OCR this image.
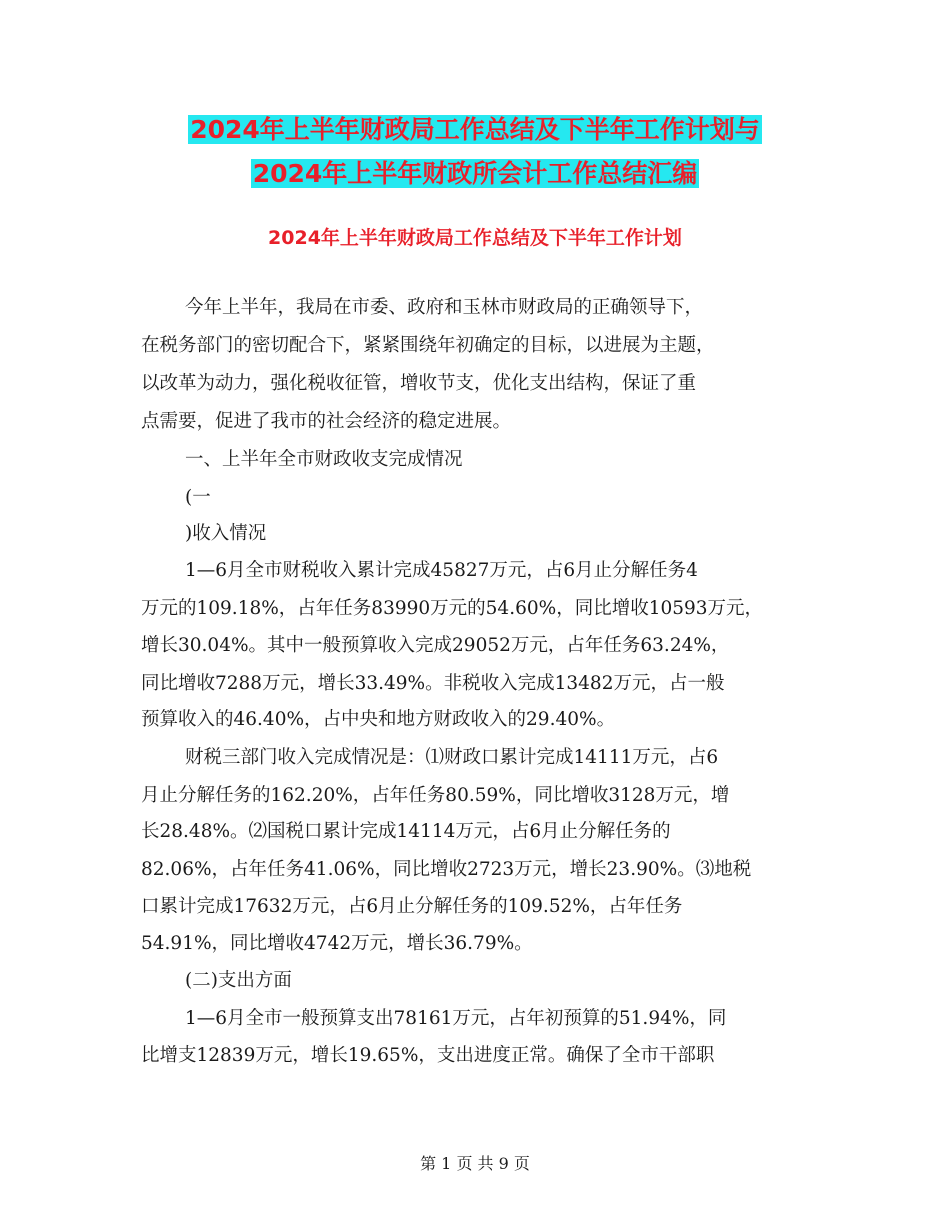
2024年上半年财政局工作总结及下半年工作计划与
2024年上半年财政所会计工作总结汇编
2024年上半年财政局工作总结及下半年工作计划
今年上半年，我局在市委、政府和玉林市财政局的正确领导下，
在税务部门的密切配合下，紧紧围绕年初确定的目标，以进展为主题，
以改革为动力，强化税收征管，增收节支，优化支出结构，保证了重
点需要，促进了我市的社会经济的稳定进展。
一、上半年全市财政收支完成情况
(一
)收入情况
1—6月全市财税收入累计完成45827万元，占6月止分解任务4
万元的109.18%，占年任务83990万元的54.60%，同比增收10593万元，
增长30.04%。其中一般预算收入完成29052万元，占年任务63.24%，
同比增收7288万元，增长33.49%。非税收入完成13482万元，占一般
预算收入的46.40%，占中央和地方财政收入的29.40%。
财税三部门收入完成情况是：⑴财政口累计完成14111万元，占6
月止分解任务的162.20%，占年任务80.59%，同比增收3128万元，增
长28.48%。⑵国税口累计完成14114万元，占6月止分解任务的
82.06%，占年任务41.06%，同比增收2723万元，增长23.90%。⑶地税
口累计完成17632万元，占6月止分解任务的109.52%，占年任务
54.91%，同比增收4742万元，增长36.79%。
(二)支出方面
1—6月全市一般预算支出78161万元，占年初预算的51.94%，同
比增支12839万元，增长19.65%，支出进度正常。确保了全市干部职
第 1 页 共 9 页
